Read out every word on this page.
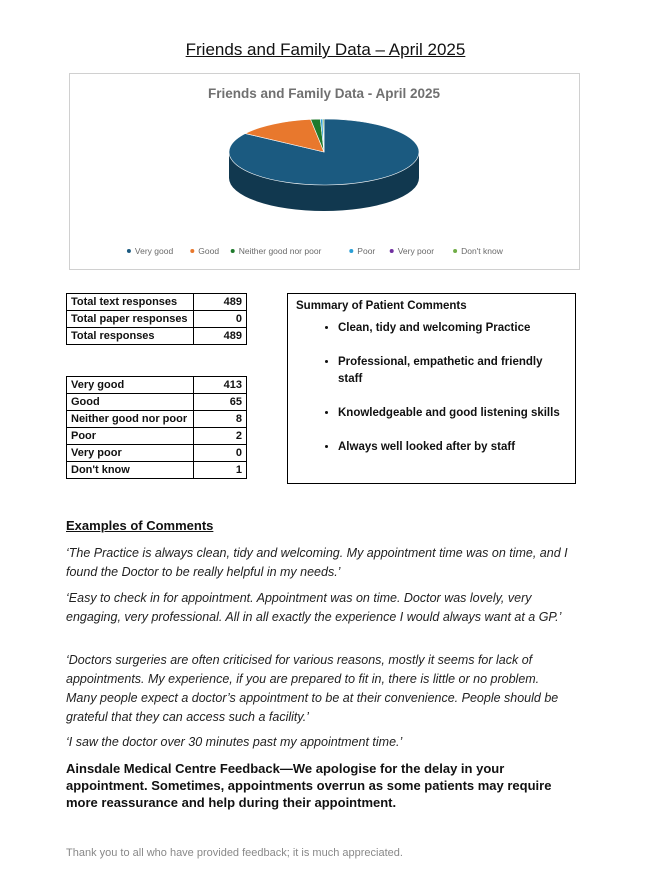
Friends and Family Data – April 2025
Friends and Family Data - April 2025
Very good	Good Neither good nor poor	Poor	Very poor	Don't know
Total text responses	489
Total paper responses	0
Total responses	489
Very good	413
Good	65
Neither good nor poor	8
Poor	2
Very poor	0
Don't know	1
Summary of Patient Comments
• Clean, tidy and welcoming Practice
• Professional, empathetic and friendly staff
• Knowledgeable and good listening skills
• Always well looked after by staff
Examples of Comments

‘The Practice is always clean, tidy and welcoming. My appointment time was on time, and I found the Doctor to be really helpful in my needs.’

‘Easy to check in for appointment. Appointment was on time. Doctor was lovely, very engaging, very professional. All in all exactly the experience I would always want at a GP.’

‘Doctors surgeries are often criticised for various reasons, mostly it seems for lack of appointments. My experience, if you are prepared to fit in, there is little or no problem. Many people expect a doctor’s appointment to be at their convenience. People should be grateful that they can access such a facility.’

‘I saw the doctor over 30 minutes past my appointment time.’

Ainsdale Medical Centre Feedback—We apologise for the delay in your appointment. Sometimes, appointments overrun as some patients may require more reassurance and help during their appointment.

Thank you to all who have provided feedback; it is much appreciated.
